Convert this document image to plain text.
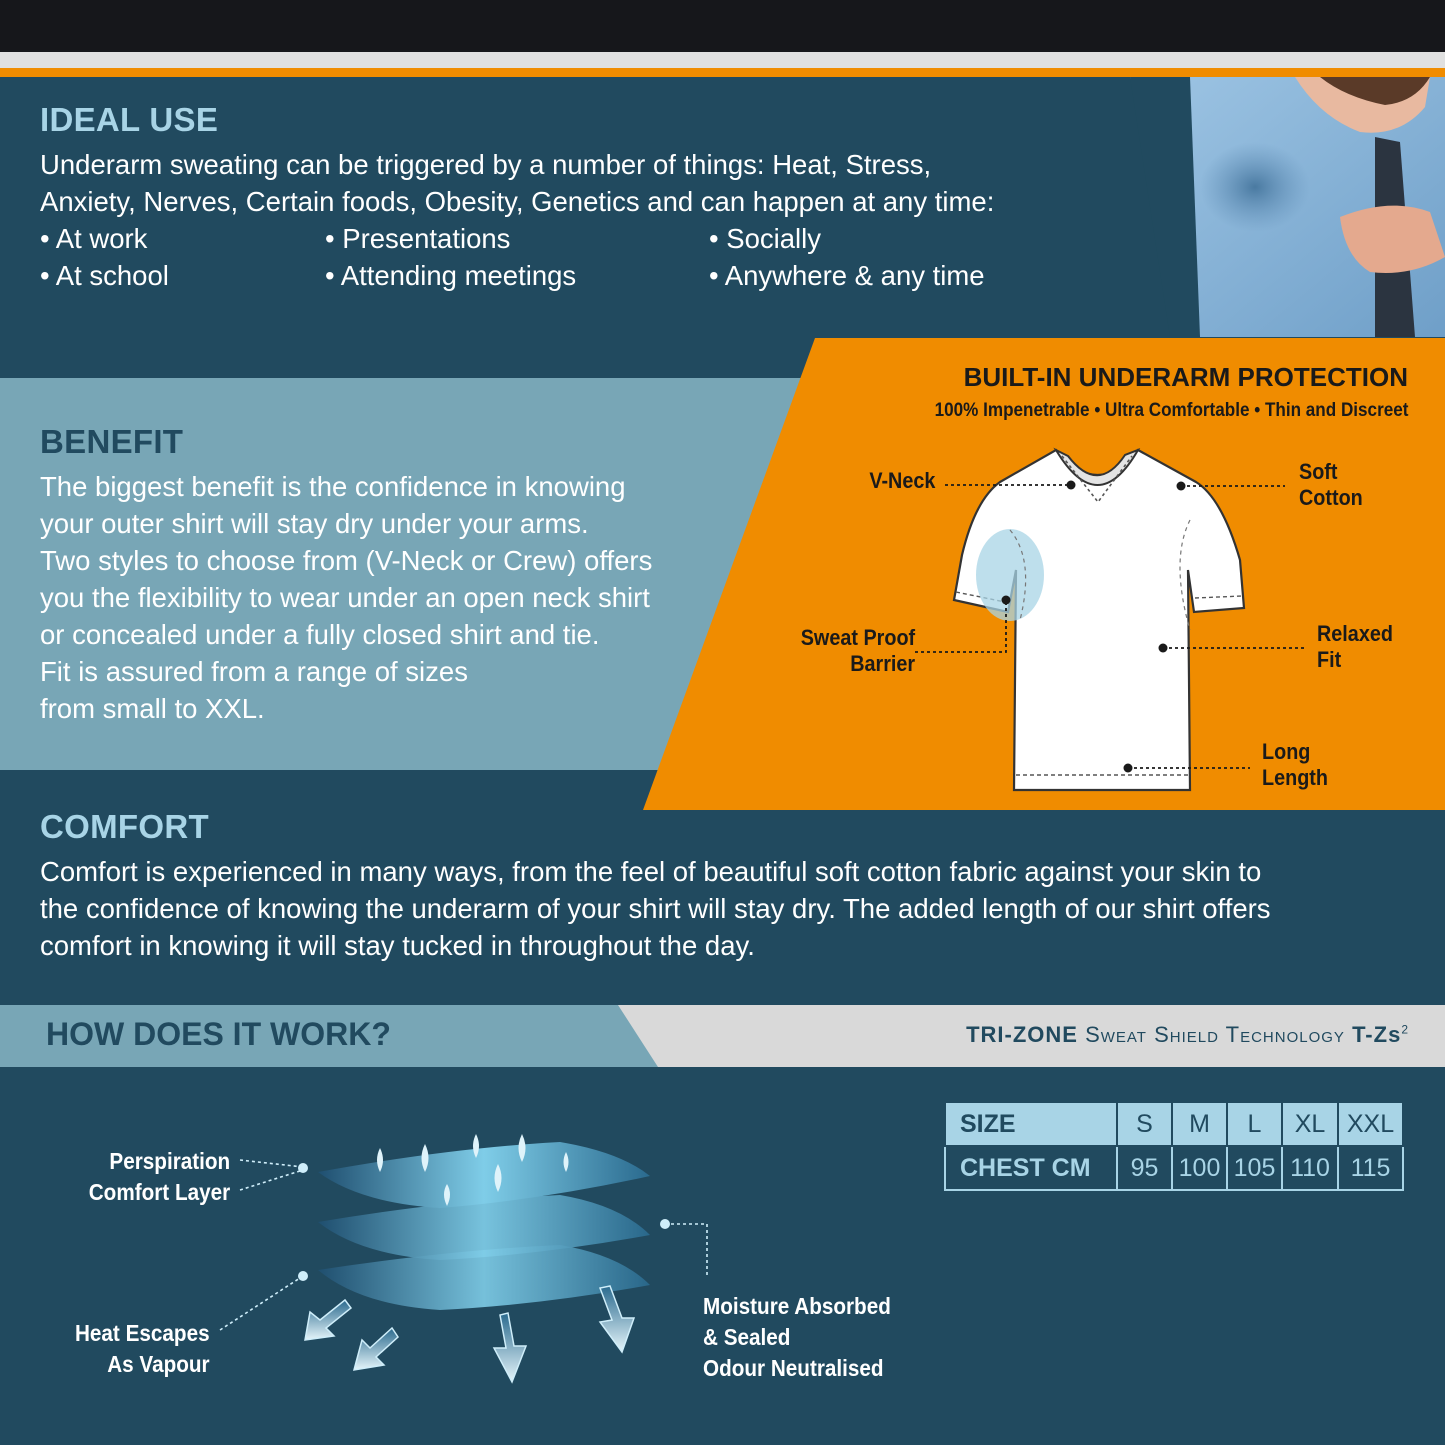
IDEAL USE
Underarm sweating can be triggered by a number of things: Heat, Stress,
Anxiety, Nerves, Certain foods, Obesity, Genetics and can happen at any time:
• At work
• At school
• Presentations
• Attending meetings
• Socially
• Anywhere & any time
BENEFIT
The biggest benefit is the confidence in knowing
your outer shirt will stay dry under your arms.
Two styles to choose from (V-Neck or Crew) offers
you the flexibility to wear under an open neck shirt
or concealed under a fully closed shirt and tie.
Fit is assured from a range of sizes
from small to XXL.
BUILT-IN UNDERARM PROTECTION
100% Impenetrable • Ultra Comfortable • Thin and Discreet
V-Neck	Soft
Cotton
Sweat Proof
Barrier
Relaxed
Fit
Long
Length
COMFORT
Comfort is experienced in many ways, from the feel of beautiful soft cotton fabric against your skin to
the confidence of knowing the underarm of your shirt will stay dry. The added length of our shirt offers
comfort in knowing it will stay tucked in throughout the day.
HOW DOES IT WORK?	TRI-ZONE Sweat Shield Technology T-Zs$^2$
SIZE	S	M	L	XL	XXL
CHEST CM	95	100	105	110	115
Perspiration
Comfort Layer
Heat Escapes
As Vapour
Moisture Absorbed
& Sealed
Odour Neutralised
